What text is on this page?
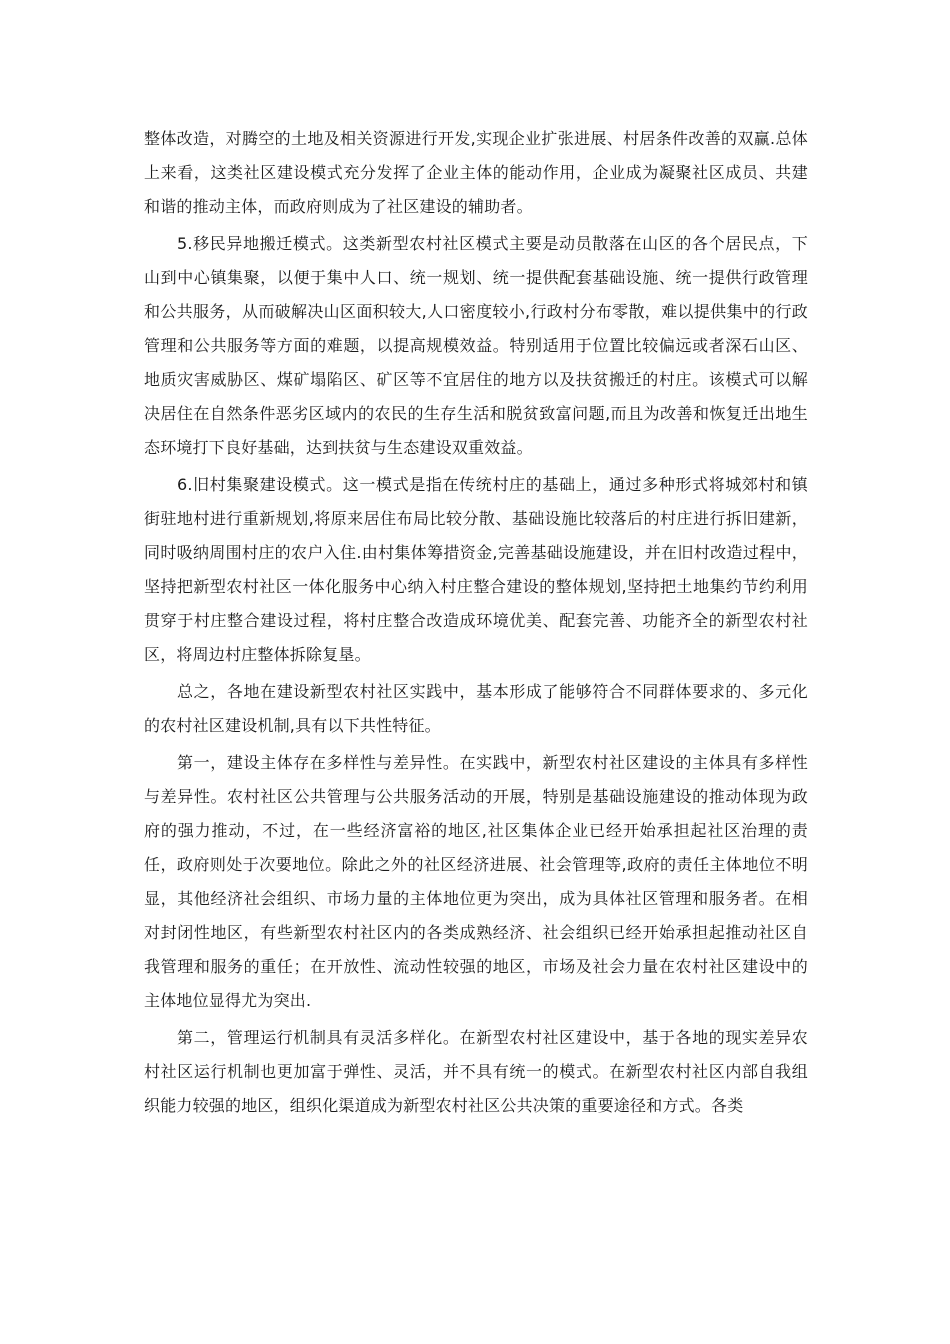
整体改造，对腾空的土地及相关资源进行开发,实现企业扩张进展、村居条件改善的双赢.总体上来看，这类社区建设模式充分发挥了企业主体的能动作用，企业成为凝聚社区成员、共建和谐的推动主体，而政府则成为了社区建设的辅助者。

5.移民异地搬迁模式。这类新型农村社区模式主要是动员散落在山区的各个居民点，下山到中心镇集聚，以便于集中人口、统一规划、统一提供配套基础设施、统一提供行政管理和公共服务，从而破解决山区面积较大,人口密度较小,行政村分布零散，难以提供集中的行政管理和公共服务等方面的难题，以提高规模效益。特别适用于位置比较偏远或者深石山区、地质灾害威胁区、煤矿塌陷区、矿区等不宜居住的地方以及扶贫搬迁的村庄。该模式可以解决居住在自然条件恶劣区域内的农民的生存生活和脱贫致富问题,而且为改善和恢复迁出地生态环境打下良好基础，达到扶贫与生态建设双重效益。

6.旧村集聚建设模式。这一模式是指在传统村庄的基础上，通过多种形式将城郊村和镇街驻地村进行重新规划,将原来居住布局比较分散、基础设施比较落后的村庄进行拆旧建新，同时吸纳周围村庄的农户入住.由村集体筹措资金,完善基础设施建设，并在旧村改造过程中，坚持把新型农村社区一体化服务中心纳入村庄整合建设的整体规划,坚持把土地集约节约利用贯穿于村庄整合建设过程，将村庄整合改造成环境优美、配套完善、功能齐全的新型农村社区，将周边村庄整体拆除复垦。

总之，各地在建设新型农村社区实践中，基本形成了能够符合不同群体要求的、多元化的农村社区建设机制,具有以下共性特征。

第一，建设主体存在多样性与差异性。在实践中，新型农村社区建设的主体具有多样性与差异性。农村社区公共管理与公共服务活动的开展，特别是基础设施建设的推动体现为政府的强力推动，不过，在一些经济富裕的地区,社区集体企业已经开始承担起社区治理的责任，政府则处于次要地位。除此之外的社区经济进展、社会管理等,政府的责任主体地位不明显，其他经济社会组织、市场力量的主体地位更为突出，成为具体社区管理和服务者。在相对封闭性地区，有些新型农村社区内的各类成熟经济、社会组织已经开始承担起推动社区自我管理和服务的重任；在开放性、流动性较强的地区，市场及社会力量在农村社区建设中的主体地位显得尤为突出.

第二，管理运行机制具有灵活多样化。在新型农村社区建设中，基于各地的现实差异农村社区运行机制也更加富于弹性、灵活，并不具有统一的模式。在新型农村社区内部自我组织能力较强的地区，组织化渠道成为新型农村社区公共决策的重要途径和方式。各类
